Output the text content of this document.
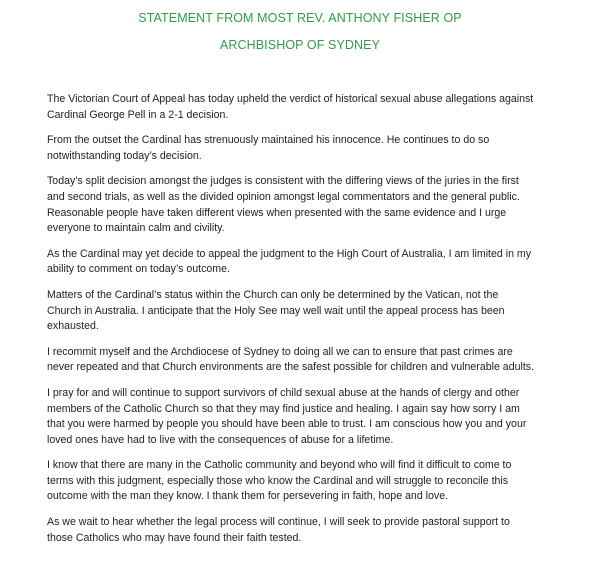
STATEMENT FROM MOST REV. ANTHONY FISHER OP
ARCHBISHOP OF SYDNEY

The Victorian Court of Appeal has today upheld the verdict of historical sexual abuse allegations against
Cardinal George Pell in a 2-1 decision.

From the outset the Cardinal has strenuously maintained his innocence. He continues to do so
notwithstanding today’s decision.

Today’s split decision amongst the judges is consistent with the differing views of the juries in the first
and second trials, as well as the divided opinion amongst legal commentators and the general public.
Reasonable people have taken different views when presented with the same evidence and I urge
everyone to maintain calm and civility.

As the Cardinal may yet decide to appeal the judgment to the High Court of Australia, I am limited in my
ability to comment on today’s outcome.

Matters of the Cardinal’s status within the Church can only be determined by the Vatican, not the
Church in Australia. I anticipate that the Holy See may well wait until the appeal process has been
exhausted.

I recommit myself and the Archdiocese of Sydney to doing all we can to ensure that past crimes are
never repeated and that Church environments are the safest possible for children and vulnerable adults.

I pray for and will continue to support survivors of child sexual abuse at the hands of clergy and other
members of the Catholic Church so that they may find justice and healing. I again say how sorry I am
that you were harmed by people you should have been able to trust. I am conscious how you and your
loved ones have had to live with the consequences of abuse for a lifetime.

I know that there are many in the Catholic community and beyond who will find it difficult to come to
terms with this judgment, especially those who know the Cardinal and will struggle to reconcile this
outcome with the man they know. I thank them for persevering in faith, hope and love.

As we wait to hear whether the legal process will continue, I will seek to provide pastoral support to
those Catholics who may have found their faith tested.
